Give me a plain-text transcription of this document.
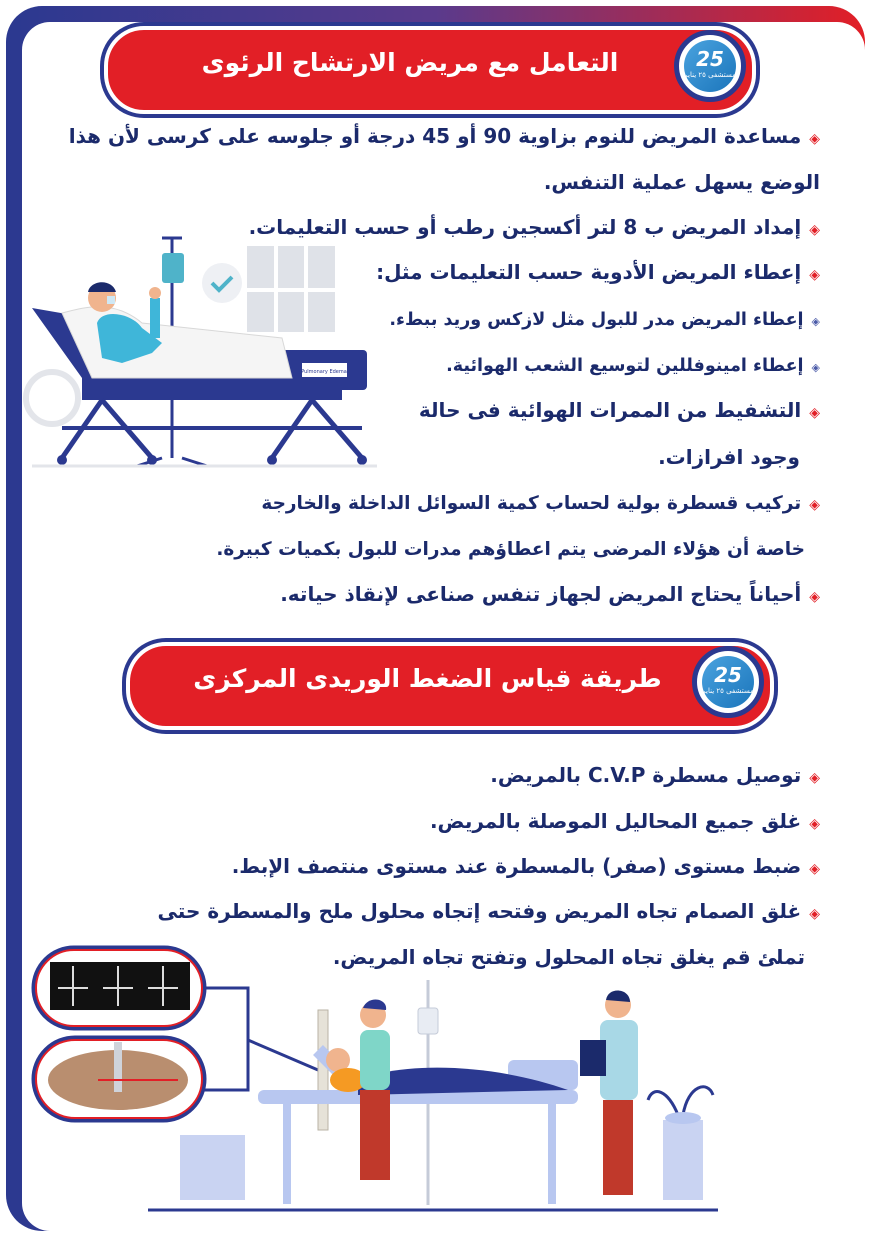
التعامل مع مريض الارتشاح الرئوى	25
مستشفى ٢٥ يناير
Pulmonary Edema
◈مساعدة المريض للنوم بزاوية 90 أو 45 درجة أو جلوسه على كرسى لأن هذا
الوضع يسهل عملية التنفس.
◈إمداد المريض ب 8 لتر أكسجين رطب أو حسب التعليمات.
◈إعطاء المريض الأدوية حسب التعليمات مثل:
◈إعطاء المريض مدر للبول مثل لازكس وريد ببطء.
◈إعطاء امينوفللين لتوسيع الشعب الهوائية.
◈التشفيط من الممرات الهوائية فى حالة
وجود افرازات.
◈تركيب قسطرة بولية لحساب كمية السوائل الداخلة والخارجة
خاصة أن هؤلاء المرضى يتم اعطاؤهم مدرات للبول بكميات كبيرة.
◈أحياناً يحتاج المريض لجهاز تنفس صناعى لإنقاذ حياته.
طريقة قياس الضغط الوريدى المركزى	25
مستشفى ٢٥ يناير
◈توصيل مسطرة C.V.P بالمريض.
◈غلق جميع المحاليل الموصلة بالمريض.
◈ضبط مستوى (صفر) بالمسطرة عند مستوى منتصف الإبط.
◈غلق الصمام تجاه المريض وفتحه إتجاه محلول ملح والمسطرة حتى
تملئ قم يغلق تجاه المحلول وتفتح تجاه المريض.
